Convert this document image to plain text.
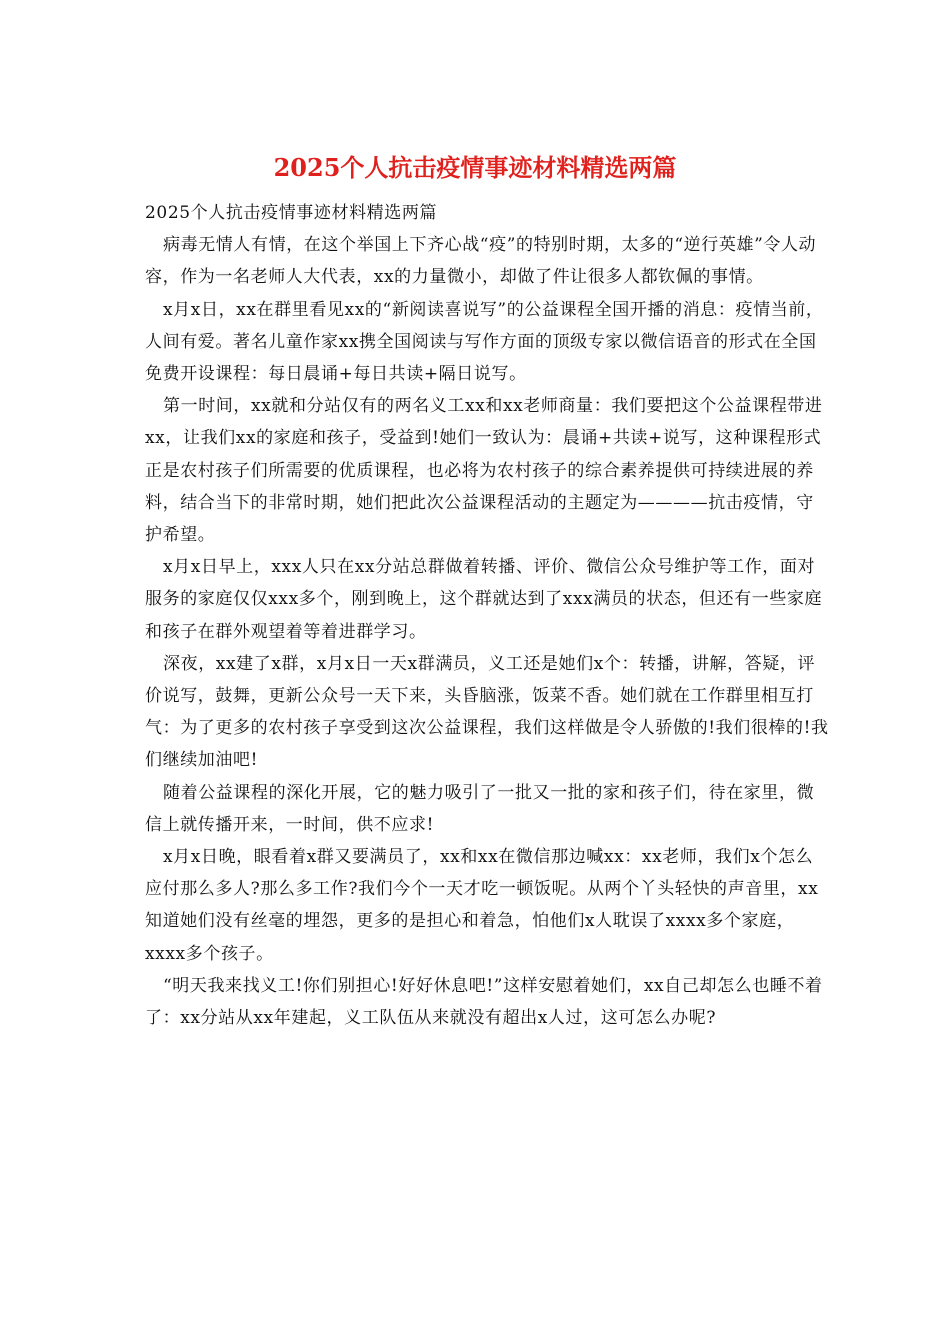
2025个人抗击疫情事迹材料精选两篇

2025个人抗击疫情事迹材料精选两篇

病毒无情人有情，在这个举国上下齐心战“疫”的特别时期，太多的“逆行英雄”令人动容，作为一名老师人大代表，xx的力量微小，却做了件让很多人都钦佩的事情。

x月x日，xx在群里看见xx的“新阅读喜说写”的公益课程全国开播的消息：疫情当前，人间有爱。著名儿童作家xx携全国阅读与写作方面的顶级专家以微信语音的形式在全国免费开设课程：每日晨诵+每日共读+隔日说写。

第一时间，xx就和分站仅有的两名义工xx和xx老师商量：我们要把这个公益课程带进xx，让我们xx的家庭和孩子，受益到!她们一致认为：晨诵+共读+说写，这种课程形式正是农村孩子们所需要的优质课程，也必将为农村孩子的综合素养提供可持续进展的养料，结合当下的非常时期，她们把此次公益课程活动的主题定为————抗击疫情，守护希望。

x月x日早上，xxx人只在xx分站总群做着转播、评价、微信公众号维护等工作，面对服务的家庭仅仅xxx多个，刚到晚上，这个群就达到了xxx满员的状态，但还有一些家庭和孩子在群外观望着等着进群学习。

深夜，xx建了x群，x月x日一天x群满员，义工还是她们x个：转播，讲解，答疑，评价说写，鼓舞，更新公众号一天下来，头昏脑涨，饭菜不香。她们就在工作群里相互打气：为了更多的农村孩子享受到这次公益课程，我们这样做是令人骄傲的!我们很棒的!我们继续加油吧!

随着公益课程的深化开展，它的魅力吸引了一批又一批的家和孩子们，待在家里，微信上就传播开来，一时间，供不应求!

x月x日晚，眼看着x群又要满员了，xx和xx在微信那边喊xx：xx老师，我们x个怎么应付那么多人?那么多工作?我们今个一天才吃一顿饭呢。从两个丫头轻快的声音里，xx知道她们没有丝毫的埋怨，更多的是担心和着急，怕他们x人耽误了xxxx多个家庭，xxxx多个孩子。

“明天我来找义工!你们别担心!好好休息吧!”这样安慰着她们，xx自己却怎么也睡不着了：xx分站从xx年建起，义工队伍从来就没有超出x人过，这可怎么办呢?
